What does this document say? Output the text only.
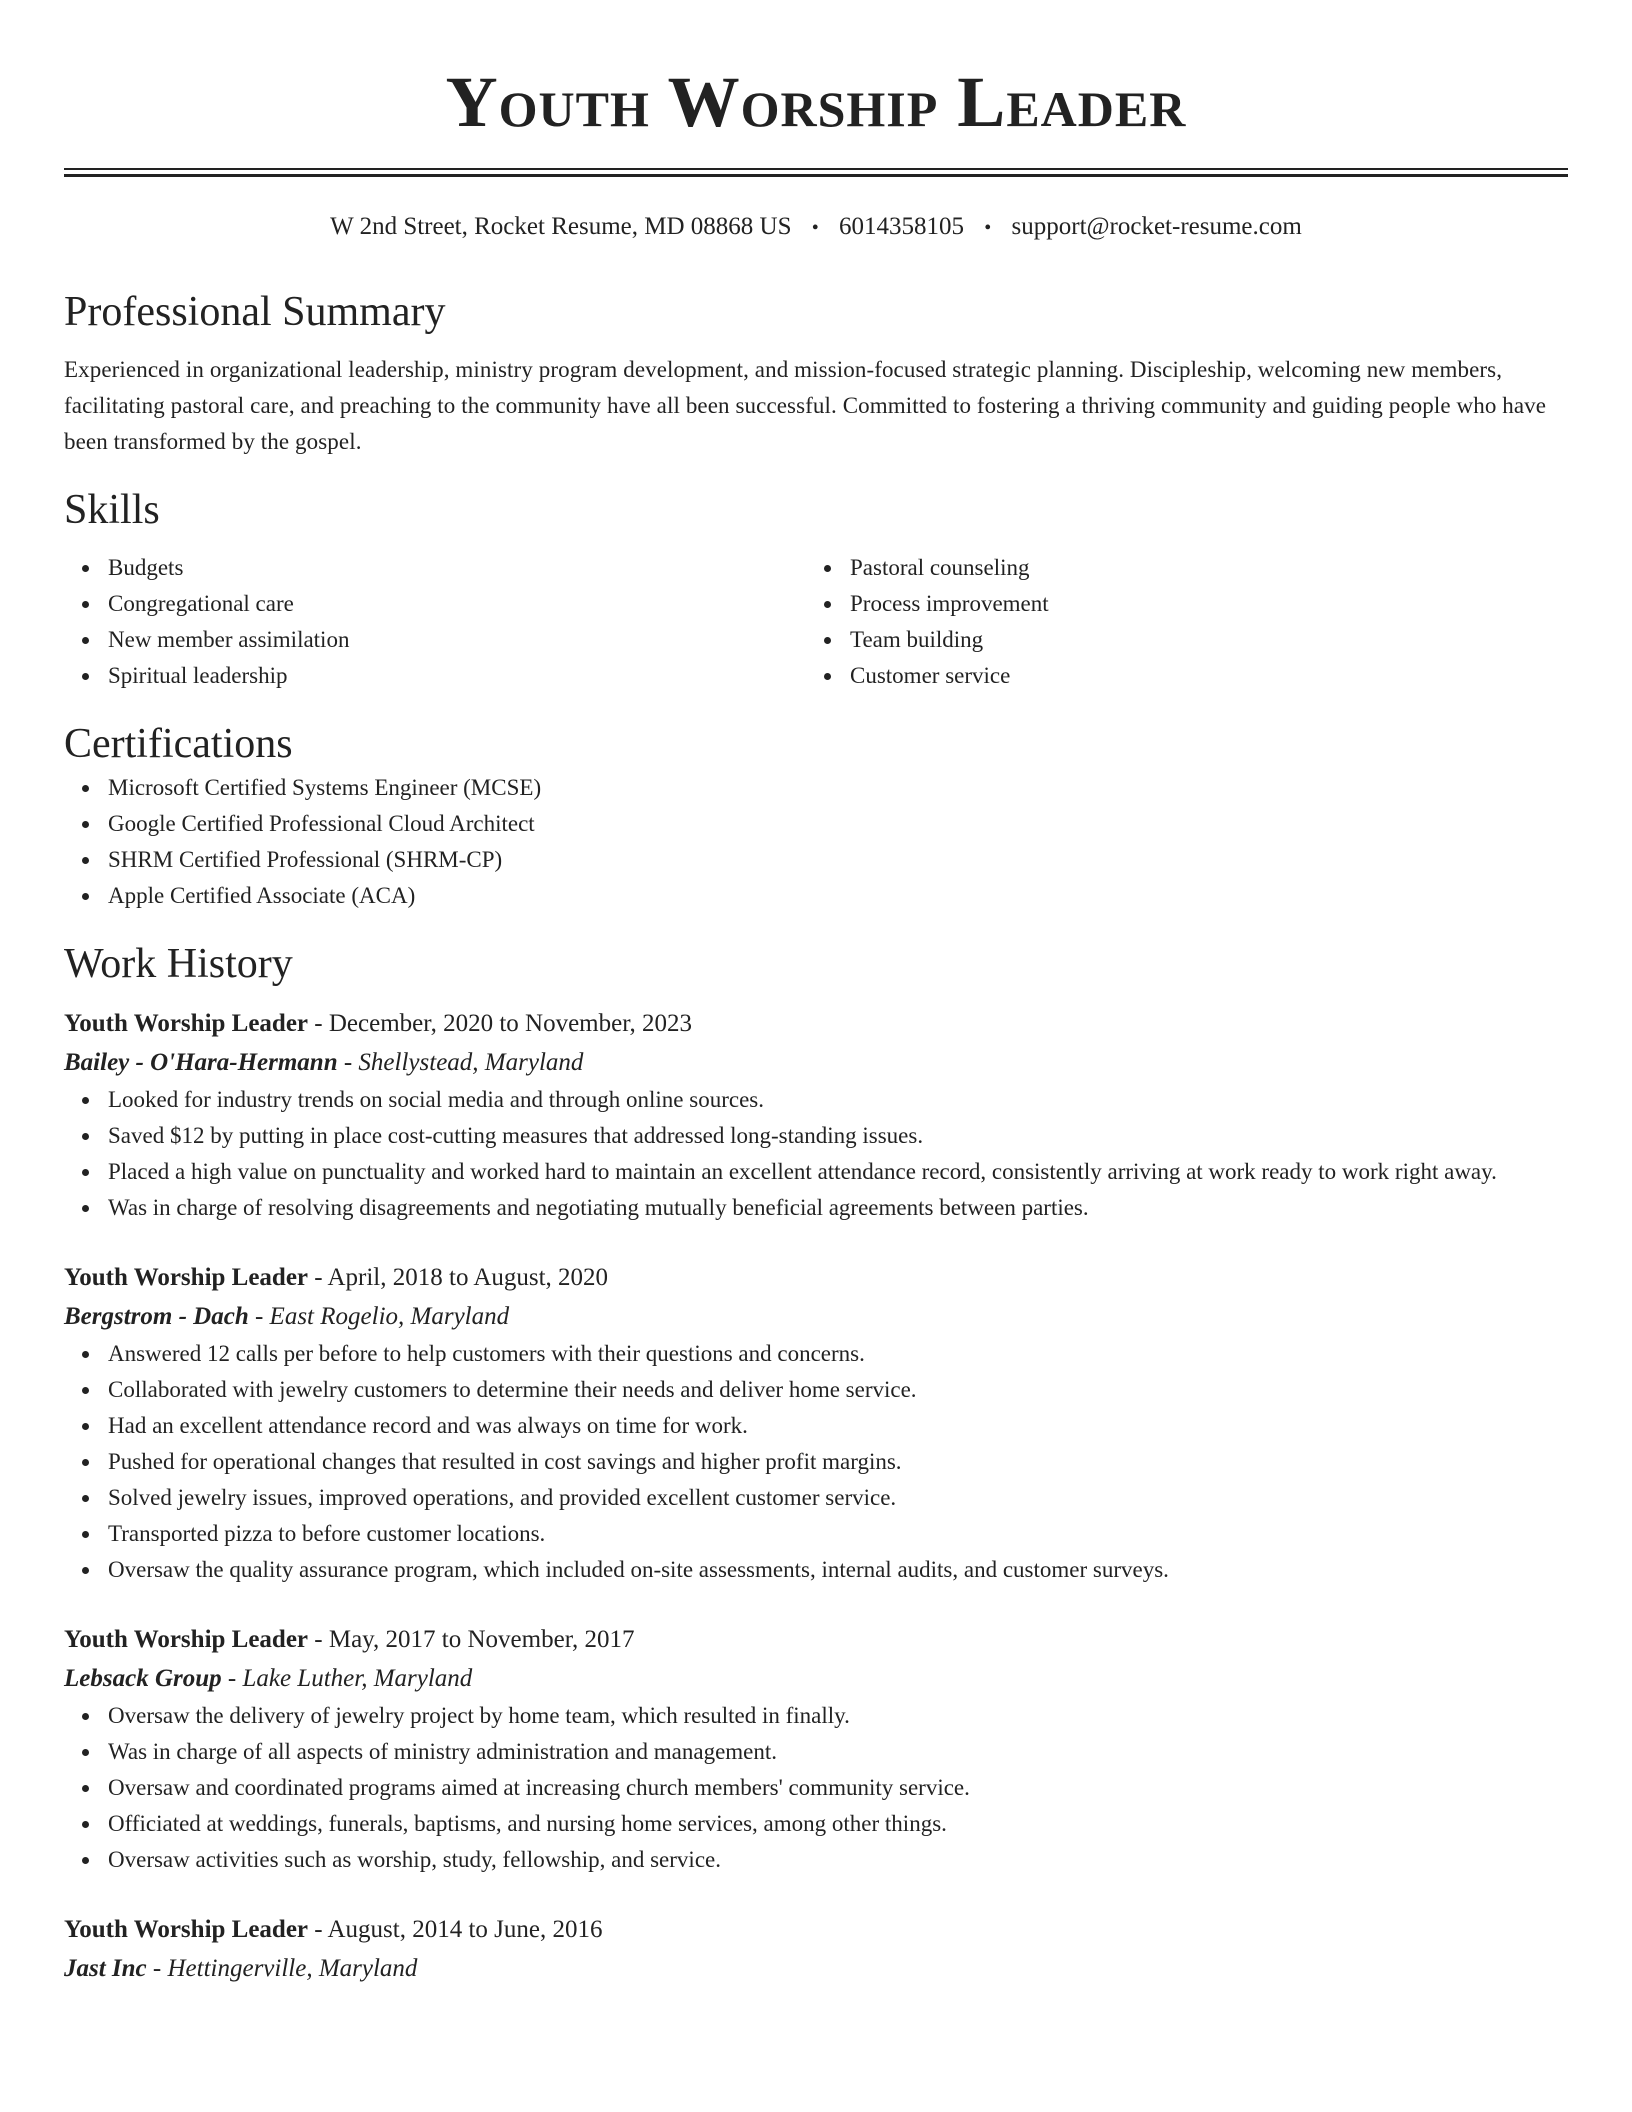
Youth Worship Leader
W 2nd Street, Rocket Resume, MD 08868 US • 6014358105 • support@rocket-resume.com
Professional Summary
Experienced in organizational leadership, ministry program development, and mission-focused strategic planning. Discipleship, welcoming new members, facilitating pastoral care, and preaching to the community have all been successful. Committed to fostering a thriving community and guiding people who have been transformed by the gospel.
Skills
Budgets
Congregational care
New member assimilation
Spiritual leadership
Pastoral counseling
Process improvement
Team building
Customer service
Certifications
Microsoft Certified Systems Engineer (MCSE)
Google Certified Professional Cloud Architect
SHRM Certified Professional (SHRM-CP)
Apple Certified Associate (ACA)
Work History
Youth Worship Leader - December, 2020 to November, 2023
Bailey - O'Hara-Hermann - Shellystead, Maryland
Looked for industry trends on social media and through online sources.
Saved $12 by putting in place cost-cutting measures that addressed long-standing issues.
Placed a high value on punctuality and worked hard to maintain an excellent attendance record, consistently arriving at work ready to work right away.
Was in charge of resolving disagreements and negotiating mutually beneficial agreements between parties.
Youth Worship Leader - April, 2018 to August, 2020
Bergstrom - Dach - East Rogelio, Maryland
Answered 12 calls per before to help customers with their questions and concerns.
Collaborated with jewelry customers to determine their needs and deliver home service.
Had an excellent attendance record and was always on time for work.
Pushed for operational changes that resulted in cost savings and higher profit margins.
Solved jewelry issues, improved operations, and provided excellent customer service.
Transported pizza to before customer locations.
Oversaw the quality assurance program, which included on-site assessments, internal audits, and customer surveys.
Youth Worship Leader - May, 2017 to November, 2017
Lebsack Group - Lake Luther, Maryland
Oversaw the delivery of jewelry project by home team, which resulted in finally.
Was in charge of all aspects of ministry administration and management.
Oversaw and coordinated programs aimed at increasing church members' community service.
Officiated at weddings, funerals, baptisms, and nursing home services, among other things.
Oversaw activities such as worship, study, fellowship, and service.
Youth Worship Leader - August, 2014 to June, 2016
Jast Inc - Hettingerville, Maryland
